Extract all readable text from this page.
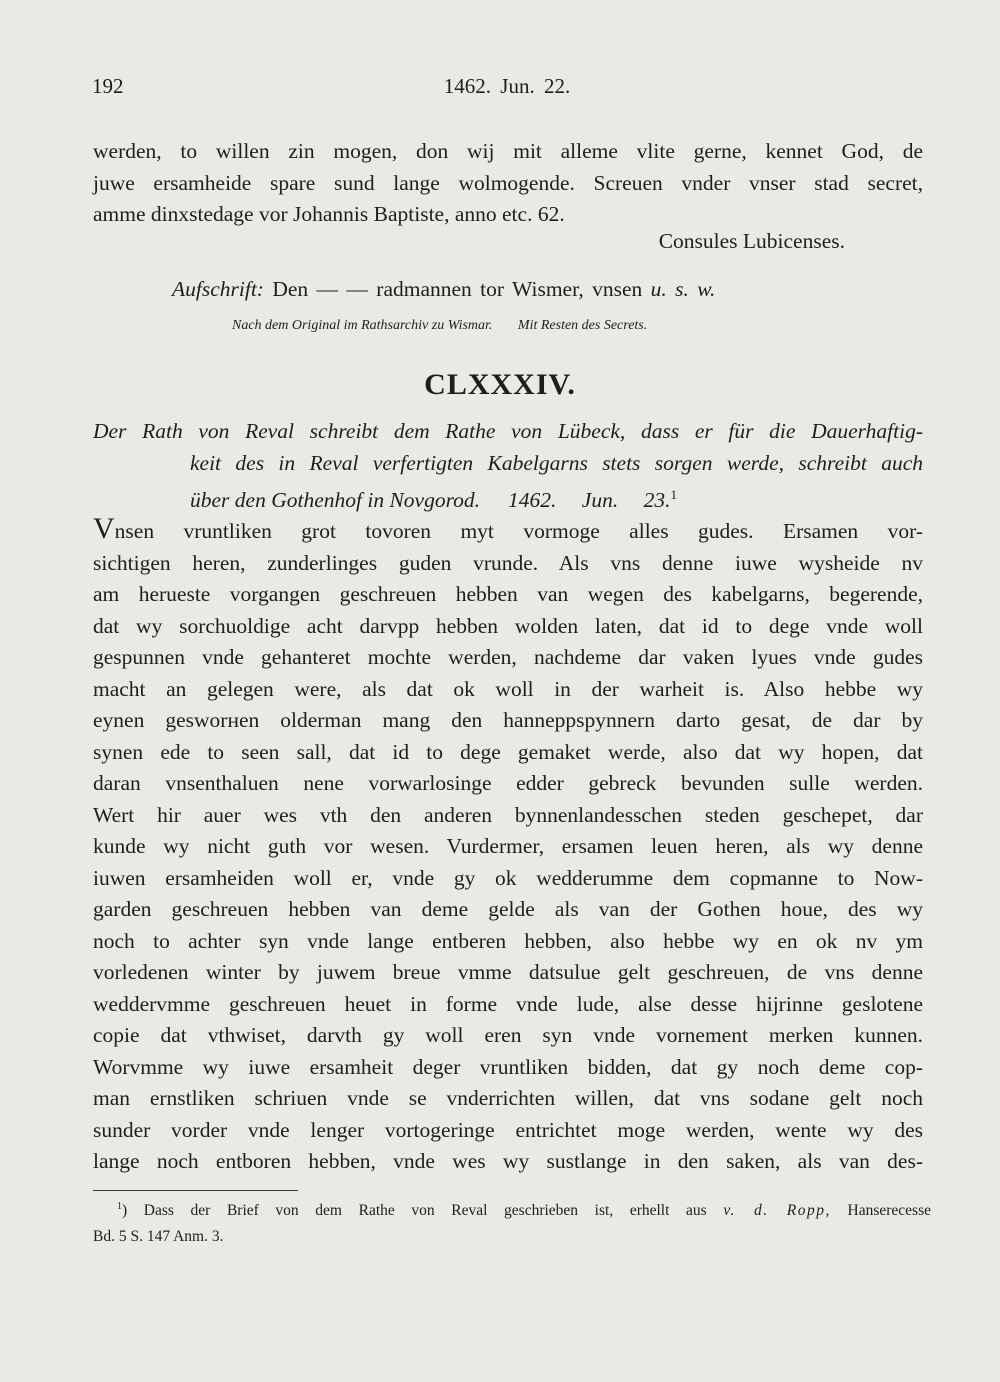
192	1462. Jun. 22.
werden, to willen zin mogen, don wij mit alleme vlite gerne, kennet God, de
juwe ersamheide spare sund lange wolmogende. Screuen vnder vnser stad secret,
amme dinxstedage vor Johannis Baptiste, anno etc. 62.
Consules Lubicenses.
Aufschrift: Den — — radmannen tor Wismer, vnsen u. s. w.
Nach dem Original im Rathsarchiv zu Wismar. Mit Resten des Secrets.
CLXXXIV.
Der Rath von Reval schreibt dem Rathe von Lübeck, dass er für die Dauerhaftig-
keit des in Reval verfertigten Kabelgarns stets sorgen werde, schreibt auch
über den Gothenhof in Novgorod. 1462. Jun. 23.$^1$
Vnsen vruntliken grot tovoren myt vormoge alles gudes. Ersamen vor-
sichtigen heren, zunderlinges guden vrunde. Als vns denne iuwe wysheide nv
am herueste vorgangen geschreuen hebben van wegen des kabelgarns, begerende,
dat wy sorchuoldige acht darvpp hebben wolden laten, dat id to dege vnde woll
gespunnen vnde gehanteret mochte werden, nachdeme dar vaken lyues vnde gudes
macht an gelegen were, als dat ok woll in der warheit is. Also hebbe wy
eynen gesworнen olderman mang den hanneppspynnern darto gesat, de dar by
synen ede to seen sall, dat id to dege gemaket werde, also dat wy hopen, dat
daran vnsenthaluen nene vorwarlosinge edder gebreck bevunden sulle werden.
Wert hir auer wes vth den anderen bynnenlandesschen steden geschepet, dar
kunde wy nicht guth vor wesen. Vurdermer, ersamen leuen heren, als wy denne
iuwen ersamheiden woll er, vnde gy ok wedderumme dem copmanne to Now-
garden geschreuen hebben van deme gelde als van der Gothen houe, des wy
noch to achter syn vnde lange entberen hebben, also hebbe wy en ok nv ym
vorledenen winter by juwem breue vmme datsulue gelt geschreuen, de vns denne
weddervmme geschreuen heuet in forme vnde lude, alse desse hijrinne geslotene
copie dat vthwiset, darvth gy woll eren syn vnde vornement merken kunnen.
Worvmme wy iuwe ersamheit deger vruntliken bidden, dat gy noch deme cop-
man ernstliken schriuen vnde se vnderrichten willen, dat vns sodane gelt noch
sunder vorder vnde lenger vortogeringe entrichtet moge werden, wente wy des
lange noch entboren hebben, vnde wes wy sustlange in den saken, als van des-
$^1$) Dass der Brief von dem Rathe von Reval geschrieben ist, erhellt aus v. d. Ropp, Hanserecesse
Bd. 5 S. 147 Anm. 3.
